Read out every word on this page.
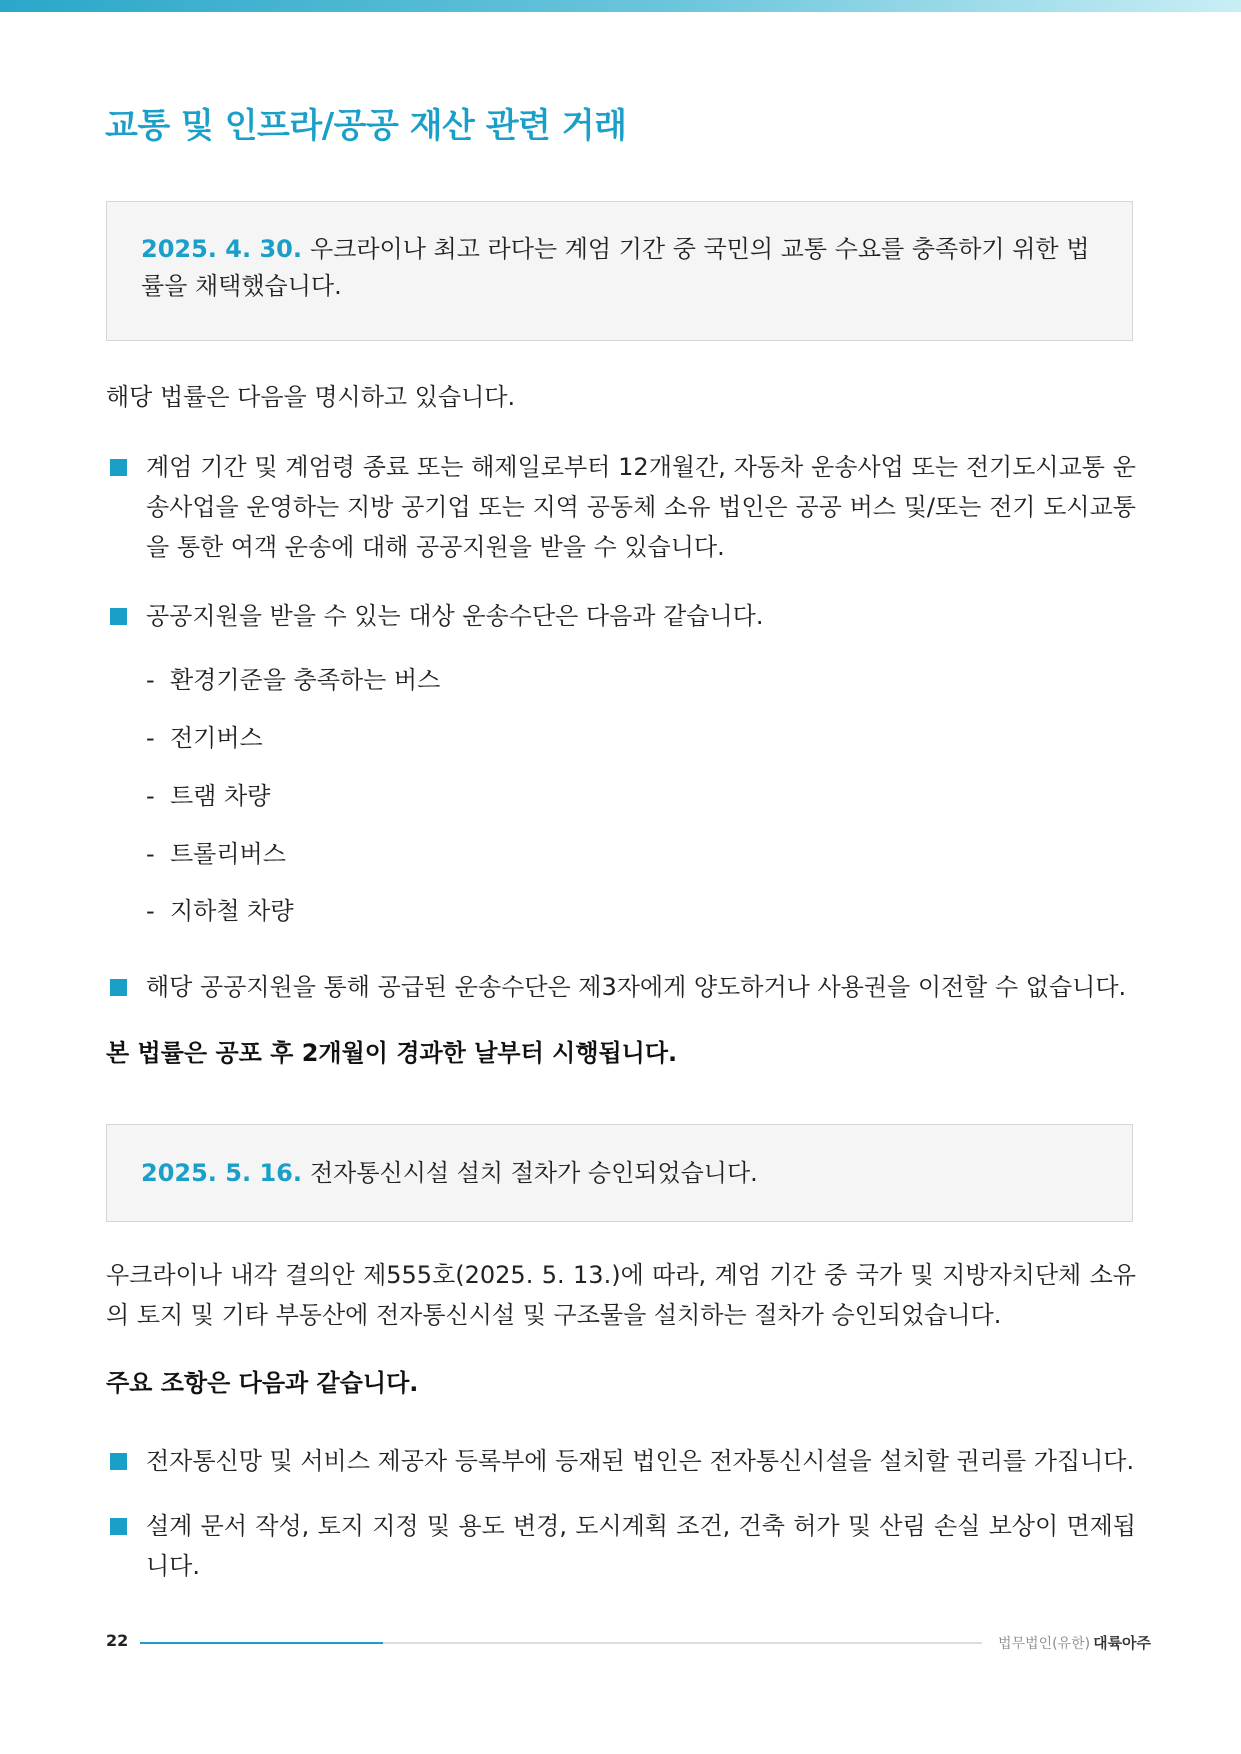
교통 및 인프라/공공 재산 관련 거래
2025. 4. 30. 우크라이나 최고 라다는 계엄 기간 중 국민의 교통 수요를 충족하기 위한 법률을 채택했습니다.

해당 법률은 다음을 명시하고 있습니다.

계엄 기간 및 계엄령 종료 또는 해제일로부터 12개월간, 자동차 운송사업 또는 전기도시교통 운송사업을 운영하는 지방 공기업 또는 지역 공동체 소유 법인은 공공 버스 및/또는 전기 도시교통을 통한 여객 운송에 대해 공공지원을 받을 수 있습니다.
공공지원을 받을 수 있는 대상 운송수단은 다음과 같습니다.
- 환경기준을 충족하는 버스
- 전기버스
- 트램 차량
- 트롤리버스
- 지하철 차량
해당 공공지원을 통해 공급된 운송수단은 제3자에게 양도하거나 사용권을 이전할 수 없습니다.

본 법률은 공포 후 2개월이 경과한 날부터 시행됩니다.

2025. 5. 16. 전자통신시설 설치 절차가 승인되었습니다.

우크라이나 내각 결의안 제555호(2025. 5. 13.)에 따라, 계엄 기간 중 국가 및 지방자치단체 소유의 토지 및 기타 부동산에 전자통신시설 및 구조물을 설치하는 절차가 승인되었습니다.

주요 조항은 다음과 같습니다.

전자통신망 및 서비스 제공자 등록부에 등재된 법인은 전자통신시설을 설치할 권리를 가집니다.
설계 문서 작성, 토지 지정 및 용도 변경, 도시계획 조건, 건축 허가 및 산림 손실 보상이 면제됩니다.
22	법무법인(유한) 대륙아주
